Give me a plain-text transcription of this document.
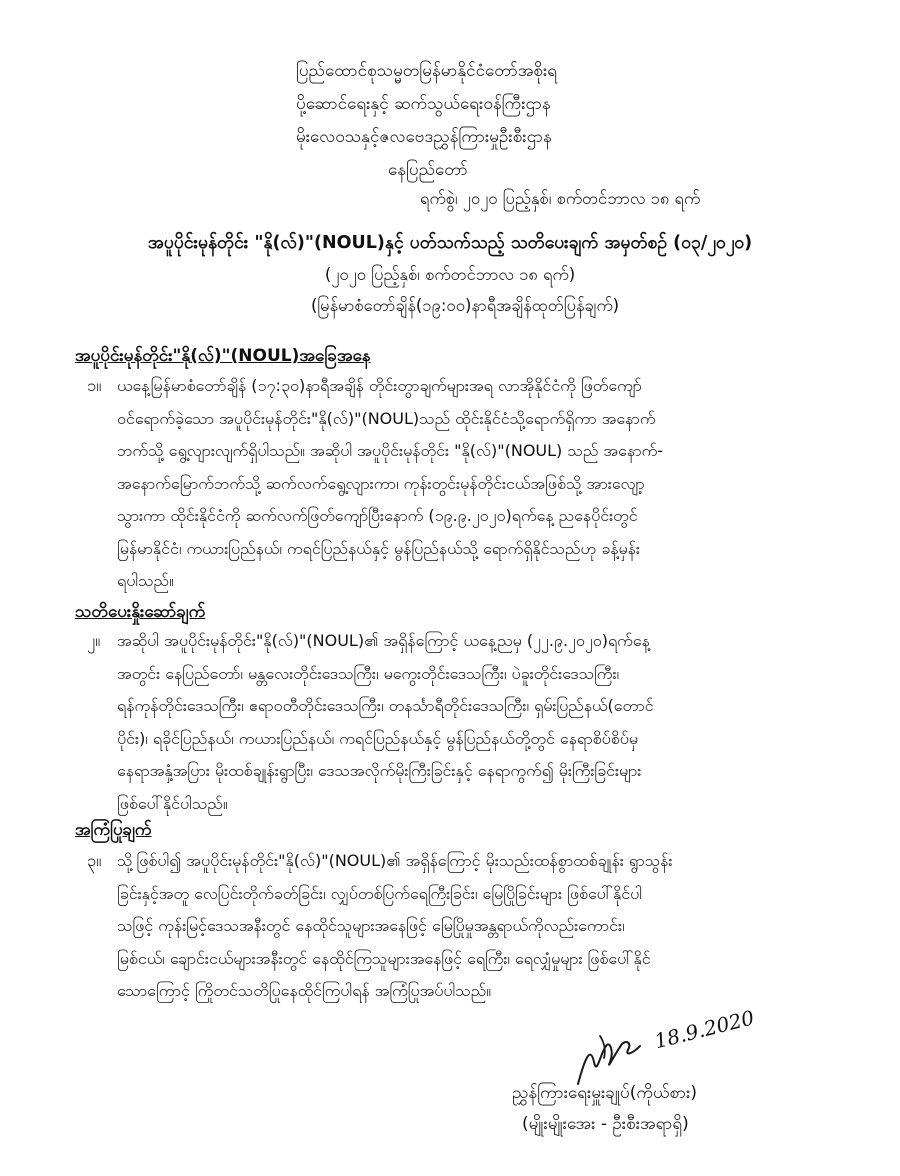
ပြည်ထောင်စုသမ္မတမြန်မာနိုင်ငံတော်အစိုးရ
ပို့ဆောင်ရေးနှင့် ဆက်သွယ်ရေးဝန်ကြီးဌာန
မိုးလေဝသနှင့်ဇလဗေဒညွှန်ကြားမှုဦးစီးဌာန
နေပြည်တော်
ရက်စွဲ၊ ၂၀၂၀ ပြည့်နှစ်၊ စက်တင်ဘာလ ၁၈ ရက်
အပူပိုင်းမုန်တိုင်း "နို(လ်)"(NOUL)နှင့် ပတ်သက်သည့် သတိပေးချက် အမှတ်စဉ် (၀၃/၂၀၂၀)
(၂၀၂၀ ပြည့်နှစ်၊ စက်တင်ဘာလ ၁၈ ရက်)
(မြန်မာစံတော်ချိန်(၁၉:၀၀)နာရီအချိန်ထုတ်ပြန်ချက်)
အပူပိုင်းမုန်တိုင်း"နို(လ်)"(NOUL)အခြေအနေ
၁။ ယနေ့မြန်မာစံတော်ချိန် (၁၇:၃၀)နာရီအချိန် တိုင်းတွာချက်များအရ လာအိုနိုင်ငံကို ဖြတ်ကျော်
ဝင်ရောက်ခဲ့သော အပူပိုင်းမုန်တိုင်း"နို(လ်)"(NOUL)သည် ထိုင်းနိုင်ငံသို့ရောက်ရှိကာ အနောက်
ဘက်သို့ ရွေ့လျားလျက်ရှိပါသည်။ အဆိုပါ အပူပိုင်းမုန်တိုင်း "နို(လ်)"(NOUL) သည် အနောက်-
အနောက်မြောက်ဘက်သို့ ဆက်လက်ရွေ့လျားကာ၊ ကုန်းတွင်းမုန်တိုင်းငယ်အဖြစ်သို့ အားလျော့
သွားကာ ထိုင်းနိုင်ငံကို ဆက်လက်ဖြတ်ကျော်ပြီးနောက် (၁၉.၉.၂၀၂၀)ရက်နေ့ ညနေပိုင်းတွင်
မြန်မာနိုင်ငံ၊ ကယားပြည်နယ်၊ ကရင်ပြည်နယ်နှင့် မွန်ပြည်နယ်သို့ ရောက်ရှိနိုင်သည်ဟု ခန့်မှန်း
ရပါသည်။
သတိပေးနှိုးဆော်ချက်
၂။ အဆိုပါ အပူပိုင်းမုန်တိုင်း"နို(လ်)"(NOUL)၏ အရှိန်ကြောင့် ယနေ့ညမှ (၂၂.၉.၂၀၂၀)ရက်နေ့
အတွင်း နေပြည်တော်၊ မန္တလေးတိုင်းဒေသကြီး၊ မကွေးတိုင်းဒေသကြီး၊ ပဲခူးတိုင်းဒေသကြီး၊
ရန်ကုန်တိုင်းဒေသကြီး၊ ဧရာဝတီတိုင်းဒေသကြီး၊ တနင်္သာရီတိုင်းဒေသကြီး၊ ရှမ်းပြည်နယ်(တောင်
ပိုင်း)၊ ရခိုင်ပြည်နယ်၊ ကယားပြည်နယ်၊ ကရင်ပြည်နယ်နှင့် မွန်ပြည်နယ်တို့တွင် နေရာစိပ်စိပ်မှ
နေရာအနှံ့အပြား မိုးထစ်ချုန်းရွာပြီး၊ ဒေသအလိုက်မိုးကြီးခြင်းနှင့် နေရာကွက်၍ မိုးကြီးခြင်းများ
ဖြစ်ပေါ်နိုင်ပါသည်။
အကြံပြုချက်
၃။ သို့ဖြစ်ပါ၍ အပူပိုင်းမုန်တိုင်း"နို(လ်)"(NOUL)၏ အရှိန်ကြောင့် မိုးသည်းထန်စွာထစ်ချုန်း ရွာသွန်း
ခြင်းနှင့်အတူ လေပြင်းတိုက်ခတ်ခြင်း၊ လျှပ်တစ်ပြက်ရေကြီးခြင်း၊ မြေပြိုခြင်းများ ဖြစ်ပေါ်နိုင်ပါ
သဖြင့် ကုန်းမြင့်ဒေသအနီးတွင် နေထိုင်သူများအနေဖြင့် မြေပြိုမှုအန္တရာယ်ကိုလည်းကောင်း၊
မြစ်ငယ်၊ ချောင်းငယ်များအနီးတွင် နေထိုင်ကြသူများအနေဖြင့် ရေကြီး၊ ရေလျှံမှုများ ဖြစ်ပေါ်နိုင်
သောကြောင့် ကြိုတင်သတိပြုနေထိုင်ကြပါရန် အကြံပြုအပ်ပါသည်။
18.9.2020
ညွှန်ကြားရေးမှူးချုပ်(ကိုယ်စား)
(မျိုးမျိုးအေး - ဦးစီးအရာရှိ)
